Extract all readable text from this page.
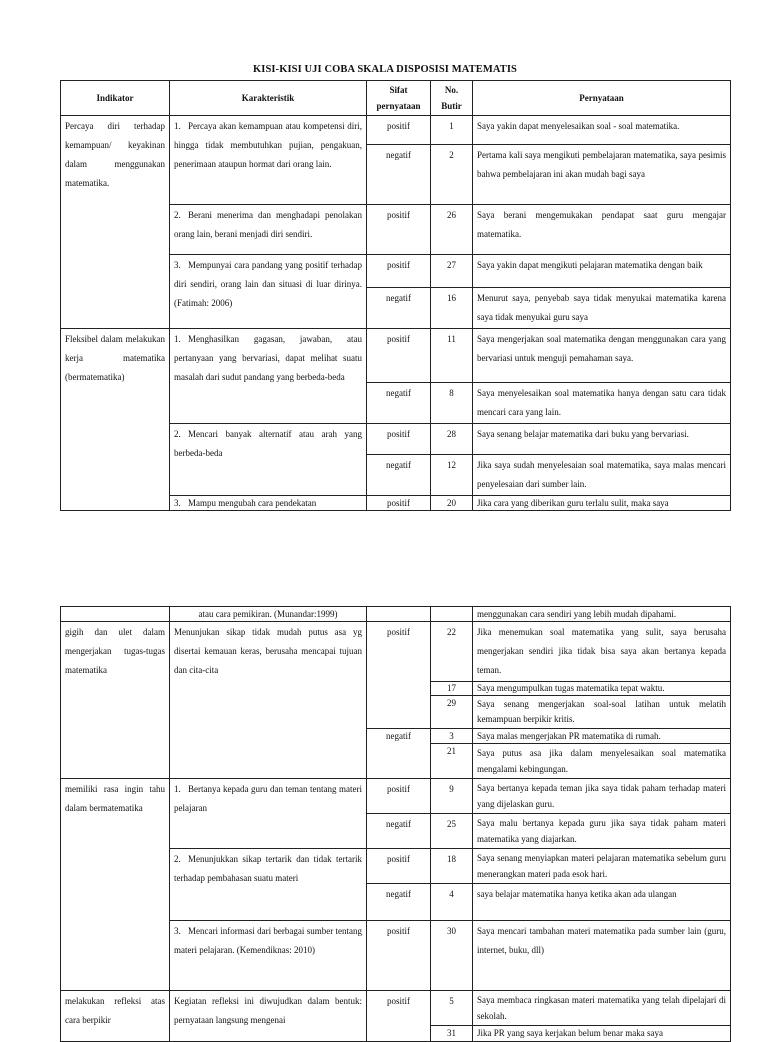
KISI-KISI UJI COBA SKALA DISPOSISI MATEMATIS
Indikator	Karakteristik	Sifat pernyataan	No. Butir	Pernyataan
Percaya diri terhadap kemampuan/ keyakinan dalam menggunakan matematika.	1. Percaya akan kemampuan atau kompetensi diri, hingga tidak membutuhkan pujian, pengakuan, penerimaan ataupun hormat dari orang lain.	positif	1	Saya yakin dapat menyelesaikan soal - soal matematika.
		negatif	2	Pertama kali saya mengikuti pembelajaran matematika, saya pesimis bahwa pembelajaran ini akan mudah bagi saya
	2. Berani menerima dan menghadapi penolakan orang lain, berani menjadi diri sendiri.	positif	26	Saya berani mengemukakan pendapat saat guru mengajar matematika.
	3. Mempunyai cara pandang yang positif terhadap diri sendiri, orang lain dan situasi di luar dirinya. (Fatimah: 2006)	positif	27	Saya yakin dapat mengikuti pelajaran matematika dengan baik
		negatif	16	Menurut saya, penyebab saya tidak menyukai matematika karena saya tidak menyukai guru saya

Fleksibel dalam melakukan kerja matematika (bermatematika)	1. Menghasilkan gagasan, jawaban, atau pertanyaan yang bervariasi, dapat melihat suatu masalah dari sudut pandang yang berbeda-beda	positif	11	Saya mengerjakan soal matematika dengan menggunakan cara yang bervariasi untuk menguji pemahaman saya.
		negatif	8	Saya menyelesaikan soal matematika hanya dengan satu cara tidak mencari cara yang lain.
	2. Mencari banyak alternatif atau arah yang berbeda-beda	positif	28	Saya senang belajar matematika dari buku yang bervariasi.
		negatif	12	Jika saya sudah menyelesaian soal matematika, saya malas mencari penyelesaian dari sumber lain.
	3. Mampu mengubah cara pendekatan	positif	20	Jika cara yang diberikan guru terlalu sulit, maka saya
	atau cara pemikiran. (Munandar:1999)			menggunakan cara sendiri yang lebih mudah dipahami.
gigih dan ulet dalam mengerjakan tugas-tugas matematika	Menunjukan sikap tidak mudah putus asa yg disertai kemauan keras, berusaha mencapai tujuan dan cita-cita	positif	22	Jika menemukan soal matematika yang sulit, saya berusaha mengerjakan sendiri jika tidak bisa saya akan bertanya kepada teman.
			17	Saya mengumpulkan tugas matematika tepat waktu.
			29	Saya senang mengerjakan soal-soal latihan untuk melatih kemampuan berpikir kritis.
		negatif	3	Saya malas mengerjakan PR matematika di rumah.
			21	Saya putus asa jika dalam menyelesaikan soal matematika mengalami kebingungan.
memiliki rasa ingin tahu dalam bermatematika	1. Bertanya kepada guru dan teman tentang materi pelajaran	positif	9	Saya bertanya kepada teman jika saya tidak paham terhadap materi yang dijelaskan guru.
		negatif	25	Saya malu bertanya kepada guru jika saya tidak paham materi matematika yang diajarkan.
	2. Menunjukkan sikap tertarik dan tidak tertarik terhadap pembahasan suatu materi	positif	18	Saya senang menyiapkan materi pelajaran matematika sebelum guru menerangkan materi pada esok hari.
		negatif	4	saya belajar matematika hanya ketika akan ada ulangan
	3. Mencari informasi dari berbagai sumber tentang materi pelajaran. (Kemendiknas: 2010)	positif	30	Saya mencari tambahan materi matematika pada sumber lain (guru, internet, buku, dll)
melakukan refleksi atas cara berpikir	Kegiatan refleksi ini diwujudkan dalam bentuk: pernyataan langsung mengenai	positif	5	Saya membaca ringkasan materi matematika yang telah dipelajari di sekolah.
			31	Jika PR yang saya kerjakan belum benar maka saya
